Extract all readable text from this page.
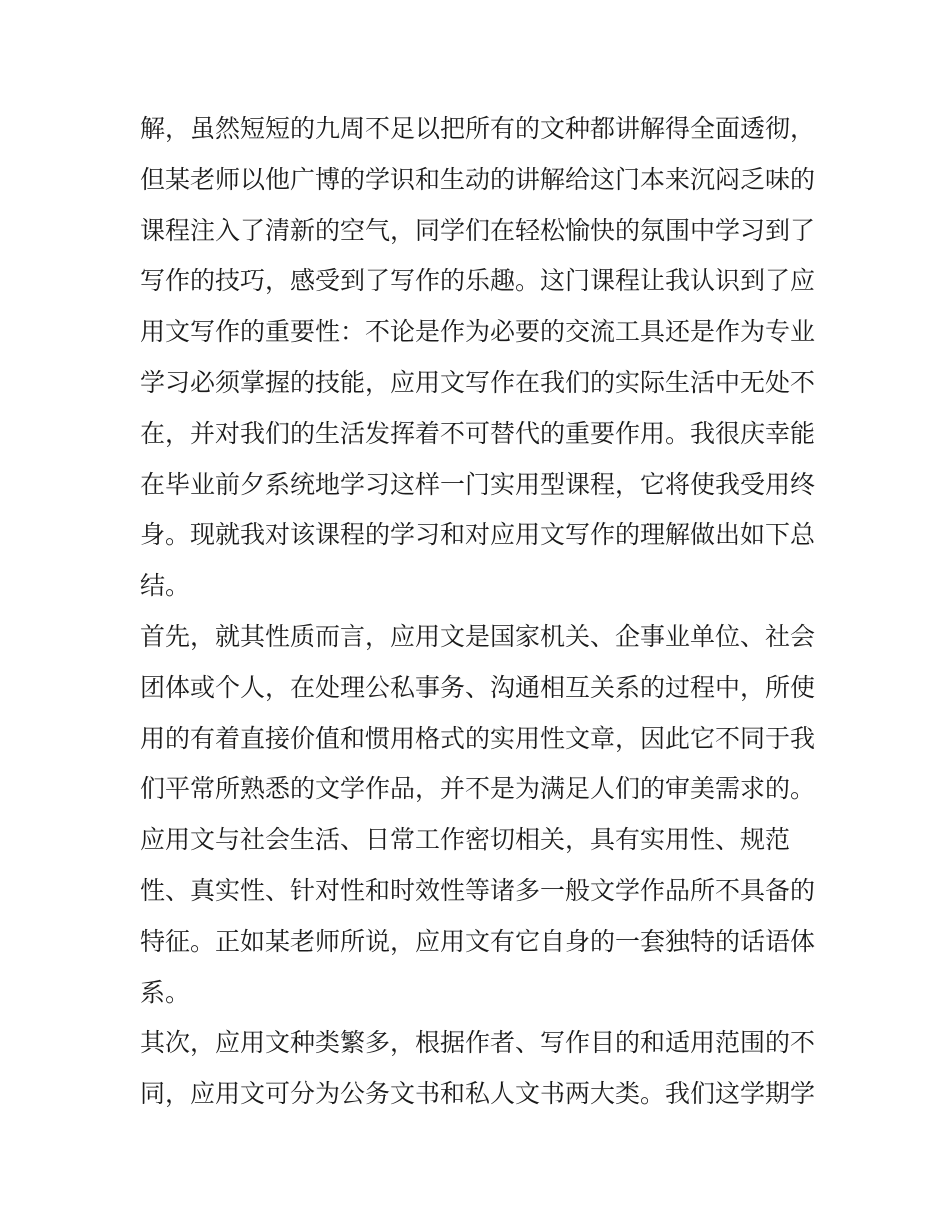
解，虽然短短的九周不足以把所有的文种都讲解得全面透彻，
但某老师以他广博的学识和生动的讲解给这门本来沉闷乏味的
课程注入了清新的空气，同学们在轻松愉快的氛围中学习到了
写作的技巧，感受到了写作的乐趣。这门课程让我认识到了应
用文写作的重要性：不论是作为必要的交流工具还是作为专业
学习必须掌握的技能，应用文写作在我们的实际生活中无处不
在，并对我们的生活发挥着不可替代的重要作用。我很庆幸能
在毕业前夕系统地学习这样一门实用型课程，它将使我受用终
身。现就我对该课程的学习和对应用文写作的理解做出如下总
结。
首先，就其性质而言，应用文是国家机关、企事业单位、社会
团体或个人，在处理公私事务、沟通相互关系的过程中，所使
用的有着直接价值和惯用格式的实用性文章，因此它不同于我
们平常所熟悉的文学作品，并不是为满足人们的审美需求的。
应用文与社会生活、日常工作密切相关，具有实用性、规范
性、真实性、针对性和时效性等诸多一般文学作品所不具备的
特征。正如某老师所说，应用文有它自身的一套独特的话语体
系。
其次，应用文种类繁多，根据作者、写作目的和适用范围的不
同，应用文可分为公务文书和私人文书两大类。我们这学期学
